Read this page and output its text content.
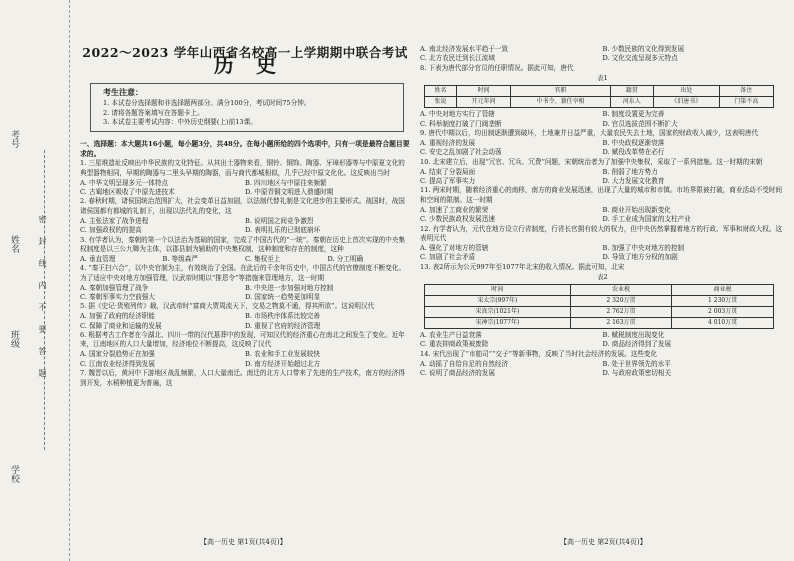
考号
姓名
班级
学校
密封线内不要答题
2022～2023 学年山西省名校高一上学期期中联合考试
历史
考生注意：
1. 本试卷分选择题和非选择题两部分。满分100分，考试时间75分钟。
2. 请将各题答案填写在答题卡上。
3. 本试卷主要考试内容：中外历史纲要(上)前13课。
一、选择题：本大题共16小题，每小题3分，共48分。在每小题所给的四个选项中，只有一项是最符合题目要求的。
1. 三星堆遗址反映出中华民族的文化特征。从其出土器物来看，铜铃、铜饰、陶器、牙璋形器等与中原夏文化的典型器物相同，早期的陶器与二里头早期的陶器，而与商代都城相似，几乎已经中原文化化。这反映出当时
A. 中华文明呈现多元一体特点	B. 四川地区与中原往来频繁
C. 古蜀地区吸收了中原先进技术	D. 中原青铜文明进入鼎盛时期
2. 春秋时期，诸侯国统治范围扩大，社会变革日益加剧，以法制代替礼制是文化进步的主要形式。战国时，战国诸侯国都有都城的礼制下，出现以法代礼的变化，这
A. 主张法家了战争进程	B. 说明国之间竞争激烈
C. 加强政权的的提高	D. 表明礼乐的已彻底崩坏
3. 有学者认为，秦朝的第一个以法治为基础的国家，完成了中国古代的“一统”。秦朝在历史上首次实现的中央集权制度是以三公九卿为主体，以郡县制为辅助的中央集权制，这种制度和存在的制度，这种
A. 垂直管理	B. 等级森严	C. 集权至上	D. 分工明确
4. “秦王扫六合”，以中央官制为主，有效统治了全国。在此后的千余年历史中，中国古代的官僚制度不断变化。为了适应中央对地方加强管理，汉武帝时期以“推恩令”等措施来管理地方，这一时期
A. 秦朝加强管理了战争	B. 中央进一步加强对地方控制
C. 秦朝军事实力空前强大	D. 国家统一趋势更加明显
5. 据《史记·货殖列传》载，汉武帝时“富商大贾周流天下，交易之物莫不通，得其所欲”。这说明汉代
A. 加强了政府的经济职能	B. 市场秩序体系比较完善
C. 保障了商业和运输的发展	D. 重视了官府的经济管理
6. 根据考古工作者在今湖北、四川一带的汉代墓葬中的发现，可知汉代的经济重心在南北之间发生了变化。近年来，江南地区的人口大量增加，经济地位不断提高，这反映了汉代
A. 国家分裂趋势正在加强	B. 农业和手工业发展较快
C. 江南农业经济得到发展	D. 南方经济开始超过北方
7. 魏晋以后，黄河中下游地区战乱频繁，人口大量南迁。南迁的北方人口带来了先进的生产技术，南方的经济得到开发，水稻种植更为普遍，这
A. 南北经济发展水平趋于一致	B. 少数民族的文化得到发展
C. 北方农民迁到长江流域	D. 文化交流呈现多元特点
8. 下表为唐代部分官员的任职情况。据此可知，唐代
表1
姓名	时间	官职	籍贯	出处	备注
张说	开元年间	中书令、兼任宰相	河东人	《旧唐书》	门第不高
A. 中央对地方实行了管辖	B. 制度设置更为完善
C. 科举制度打破了门阀垄断	D. 官员选拔范围不断扩大
9. 唐代中期以后，均田制逐渐遭到破坏，土地兼并日益严重，大量农民失去土地，国家的财政收入减少，这表明唐代
A. 重视经济的发展	B. 中央政权逐渐衰落
C. 安史之乱加剧了社会动荡	D. 赋役改革势在必行
10. 北宋建立后，出现“冗官、冗兵、冗费”问题，宋朝统治者为了加强中央集权，采取了一系列措施。这一时期的宋朝
A. 结束了分裂局面	B. 削弱了地方势力
C. 提高了军事实力	D. 大力发展文化教育
11. 两宋时期，随着经济重心的南移，南方的商业发展迅速，出现了大量的城市和市镇。市坊界限被打破，商业活动不受时间和空间的限制。这一时期
A. 加速了工商业的繁荣	B. 商业开始出现新变化
C. 少数民族政权发展迅速	D. 手工业成为国家的支柱产业
12. 有学者认为，元代在地方设立行省制度，行省长官拥有较大的权力，但中央仍然掌握着地方的行政、军事和财政大权。这表明元代
A. 强化了对地方的管辖	B. 加强了中央对地方的控制
C. 加剧了社会矛盾	D. 导致了地方分权的加剧
13. 表2所示为公元997年至1077年北宋的收入情况。据此可知，北宋
表2
时间	农业税	商业税
宋太宗(997年)	2 320万贯	1 230万贯
宋真宗(1021年)	2 762万贯	2 003万贯
宋神宗(1077年)	2 163万贯	4 010万贯
A. 农业生产日益衰落	B. 赋税制度出现变化
C. 重农抑商政策被废除	D. 商品经济得到了发展
14. 宋代出现了“市舶司”“交子”等新事物，反映了当时社会经济的发展。这些变化
A. 动摇了自给自足的自然经济	B. 处于世界领先的水平
C. 说明了商品经济的发展	D. 与政府政策密切相关
【高一历史 第1页(共4页)】	【高一历史 第2页(共4页)】
